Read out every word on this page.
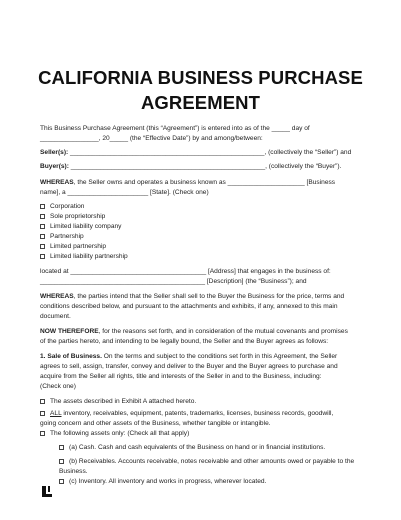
CALIFORNIA BUSINESS PURCHASE
AGREEMENT
This Business Purchase Agreement (this “Agreement”) is entered into as of the _____ day of
________________, 20_____ (the “Effective Date”) by and among/between:
Seller(s): _____________________________________________________, (collectively the “Seller”) and
Buyer(s): _____________________________________________________, (collectively the “Buyer”).
WHEREAS, the Seller owns and operates a business known as _____________________ [Business
name], a ______________________ [State]. (Check one)
Corporation
Sole proprietorship
Limited liability company
Partnership
Limited partnership
Limited liability partnership
located at _____________________________________ [Address] that engages in the business of:
_____________________________________________ [Description] (the “Business”); and
WHEREAS, the parties intend that the Seller shall sell to the Buyer the Business for the price, terms and
conditions described below, and pursuant to the attachments and exhibits, if any, annexed to this main
document.
NOW THEREFORE, for the reasons set forth, and in consideration of the mutual covenants and promises
of the parties hereto, and intending to be legally bound, the Seller and the Buyer agrees as follows:
1. Sale of Business. On the terms and subject to the conditions set forth in this Agreement, the Seller
agrees to sell, assign, transfer, convey and deliver to the Buyer and the Buyer agrees to purchase and
acquire from the Seller all rights, title and interests of the Seller in and to the Business, including:
(Check one)
The assets described in Exhibit A attached hereto.
ALL inventory, receivables, equipment, patents, trademarks, licenses, business records, goodwill,
going concern and other assets of the Business, whether tangible or intangible.
The following assets only: (Check all that apply)
(a) Cash. Cash and cash equivalents of the Business on hand or in financial institutions.
(b) Receivables. Accounts receivable, notes receivable and other amounts owed or payable to the
Business.
(c) Inventory. All inventory and works in progress, wherever located.
